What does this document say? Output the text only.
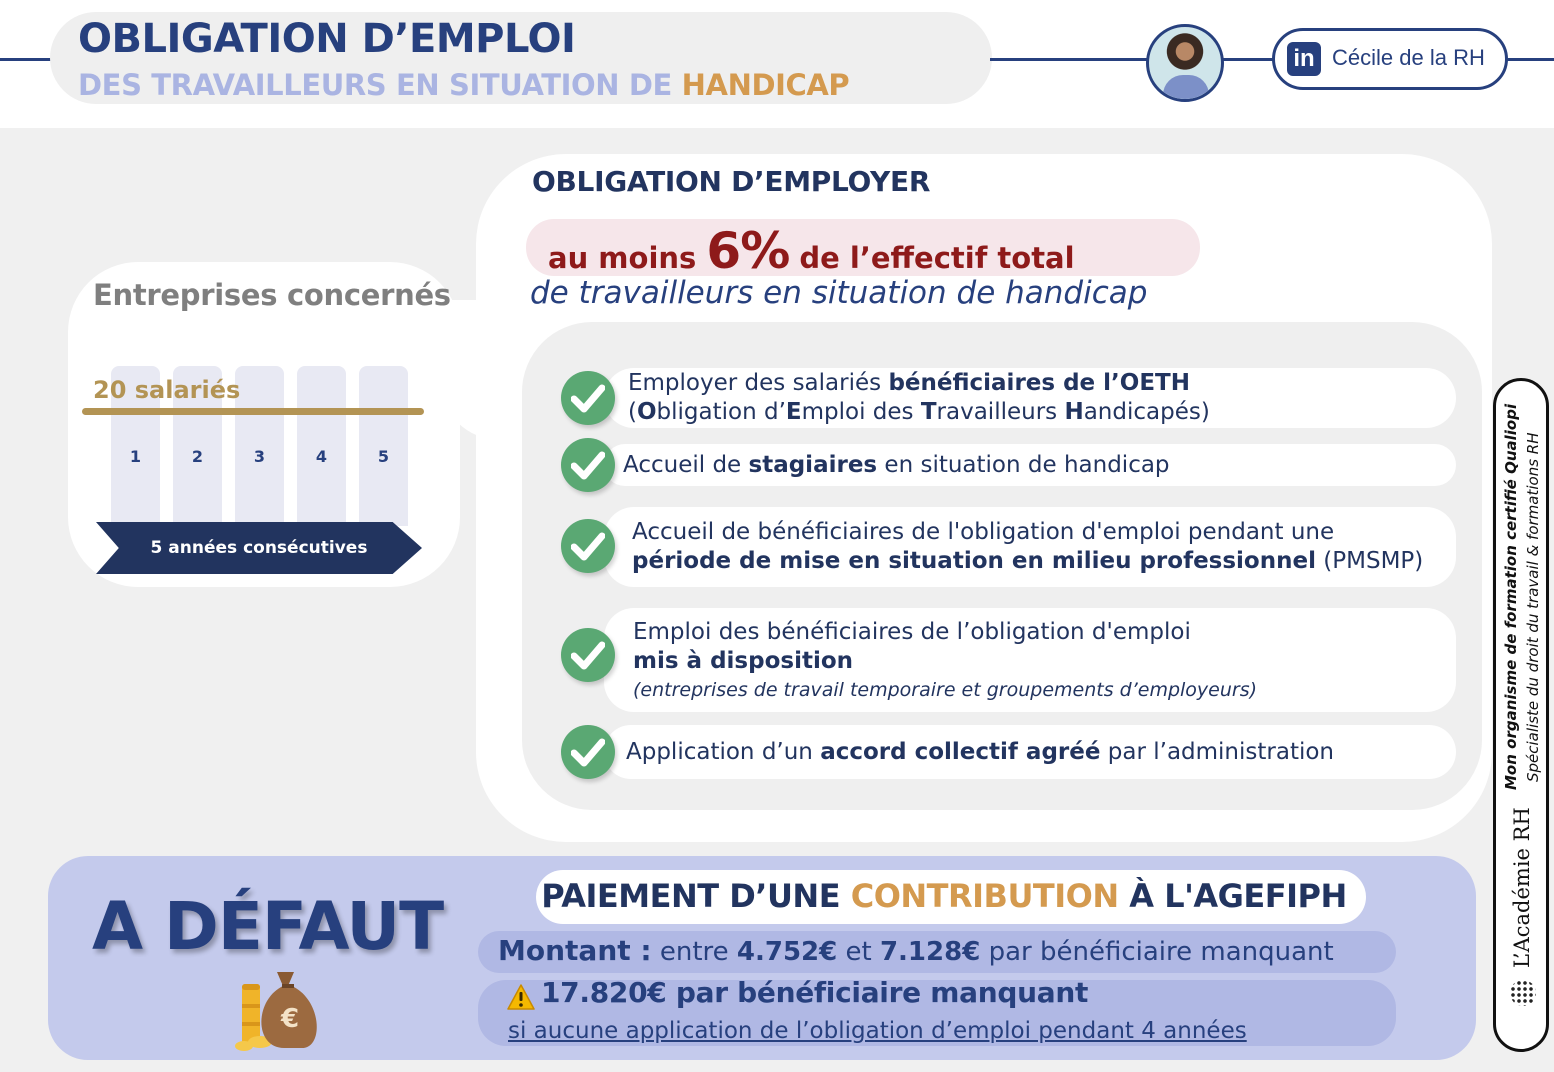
OBLIGATION D’EMPLOI
DES TRAVAILLEURS EN SITUATION DE HANDICAP
in Cécile de la RH
Entreprises concernés
1	2	3	4	5
20 salariés
5 années consécutives
OBLIGATION D’EMPLOYER
au moins 6% de l’effectif total
de travailleurs en situation de handicap
Employer des salariés bénéficiaires de l’OETH
(Obligation d’Emploi des Travailleurs Handicapés)
Accueil de stagiaires en situation de handicap
Accueil de bénéficiaires de l'obligation d'emploi pendant une
période de mise en situation en milieu professionnel (PMSMP)
Emploi des bénéficiaires de l’obligation d'emploi
mis à disposition
(entreprises de travail temporaire et groupements d’employeurs)
Application d’un accord collectif agréé par l’administration	Mon organisme de formation certifié Qualiopi Spécialiste du droit du travail & formations RH
L’Académie RH
A DÉFAUT
€
PAIEMENT D’UNE CONTRIBUTION À L'AGEFIPH
Montant : entre 4.752€ et 7.128€ par bénéficiaire manquant
17.820€ par bénéficiaire manquant
si aucune application de l’obligation d’emploi pendant 4 années
